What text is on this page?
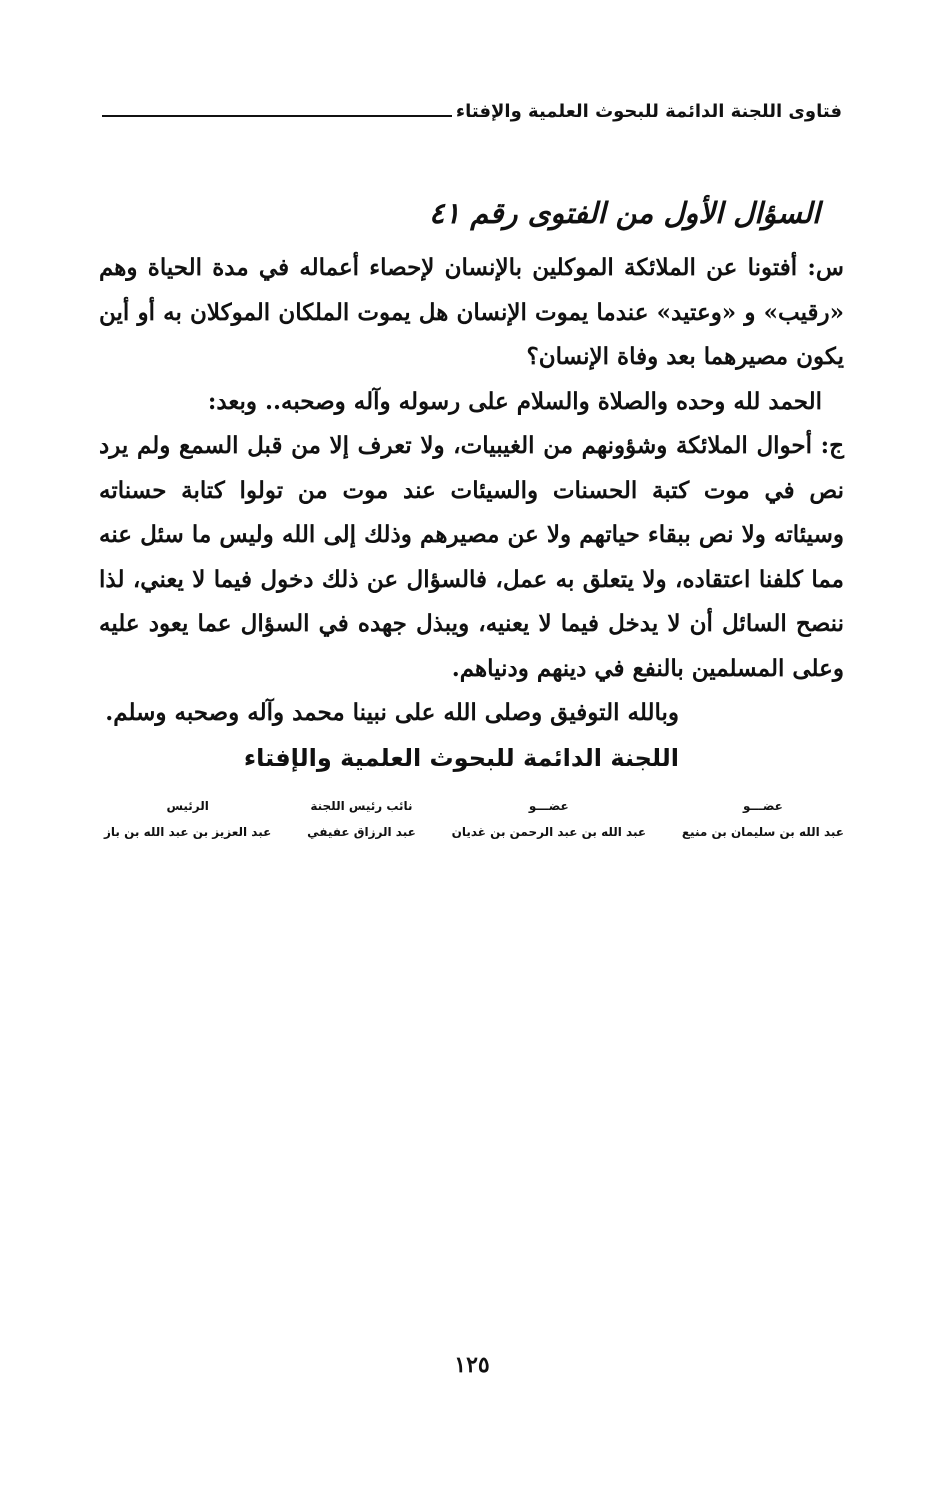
فتاوى اللجنة الدائمة للبحوث العلمية والإفتاء
السؤال الأول من الفتوى رقم ٤١

س: أفتونا عن الملائكة الموكلين بالإنسان لإحصاء أعماله في مدة الحياة وهم «رقيب» و «وعتيد» عندما يموت الإنسان هل يموت الملكان الموكلان به أو أين يكون مصيرهما بعد وفاة الإنسان؟

الحمد لله وحده والصلاة والسلام على رسوله وآله وصحبه.. وبعد:

ج: أحوال الملائكة وشؤونهم من الغيبيات، ولا تعرف إلا من قبل السمع ولم يرد نص في موت كتبة الحسنات والسيئات عند موت من تولوا كتابة حسناته وسيئاته ولا نص ببقاء حياتهم ولا عن مصيرهم وذلك إلى الله وليس ما سئل عنه مما كلفنا اعتقاده، ولا يتعلق به عمل، فالسؤال عن ذلك دخول فيما لا يعني، لذا ننصح السائل أن لا يدخل فيما لا يعنيه، ويبذل جهده في السؤال عما يعود عليه وعلى المسلمين بالنفع في دينهم ودنياهم.

وبالله التوفيق وصلى الله على نبينا محمد وآله وصحبه وسلم.

اللجنة الدائمة للبحوث العلمية والإفتاء

عضـــو
عبد الله بن سليمان بن منيع
عضـــو
عبد الله بن عبد الرحمن بن غديان
نائب رئيس اللجنة
عبد الرزاق عفيفي
الرئيس
عبد العزيز بن عبد الله بن باز
١٢٥
